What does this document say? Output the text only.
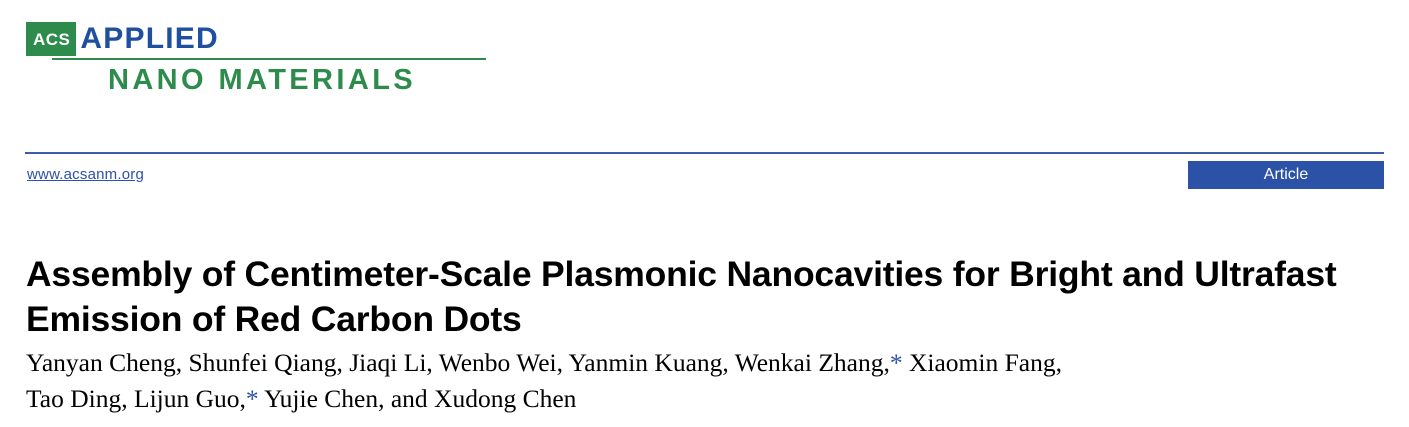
ACS APPLIED
NANO MATERIALS
www.acsanm.org	Article
Assembly of Centimeter-Scale Plasmonic Nanocavities for Bright and Ultrafast Emission of Red Carbon Dots
Yanyan Cheng, Shunfei Qiang, Jiaqi Li, Wenbo Wei, Yanmin Kuang, Wenkai Zhang,* Xiaomin Fang,
Tao Ding, Lijun Guo,* Yujie Chen, and Xudong Chen
